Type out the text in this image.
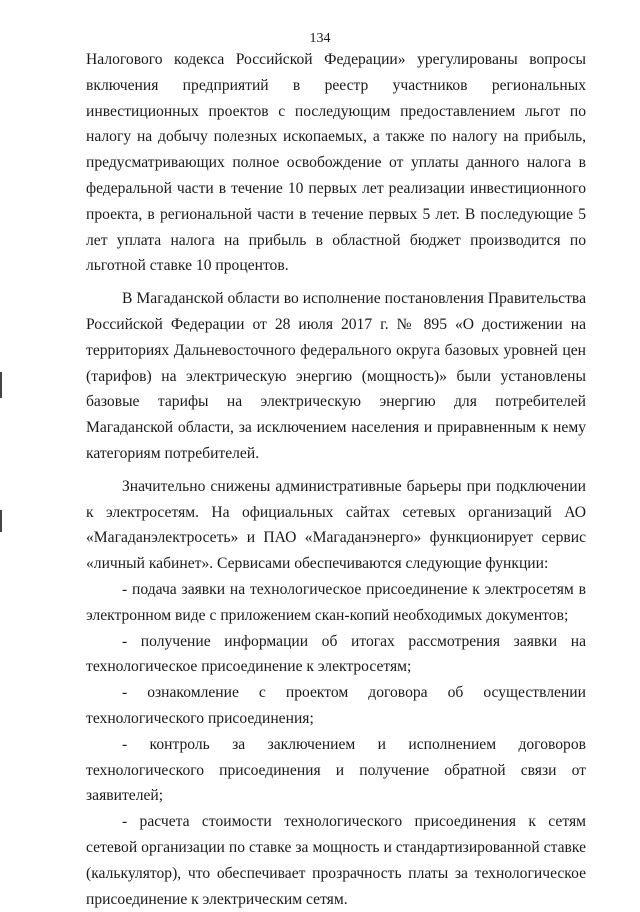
134

Налогового кодекса Российской Федерации» урегулированы вопросы включения предприятий в реестр участников региональных инвестиционных проектов с последующим предоставлением льгот по налогу на добычу полезных ископаемых, а также по налогу на прибыль, предусматривающих полное освобождение от уплаты данного налога в федеральной части в течение 10 первых лет реализации инвестиционного проекта, в региональной части в течение первых 5 лет. В последующие 5 лет уплата налога на прибыль в областной бюджет производится по льготной ставке 10 процентов.

В Магаданской области во исполнение постановления Правительства Российской Федерации от 28 июля 2017 г. № 895 «О достижении на территориях Дальневосточного федерального округа базовых уровней цен (тарифов) на электрическую энергию (мощность)» были установлены базовые тарифы на электрическую энергию для потребителей Магаданской области, за исключением населения и приравненным к нему категориям потребителей.

Значительно снижены административные барьеры при подключении к электросетям. На официальных сайтах сетевых организаций АО «Магаданэлектросеть» и ПАО «Магаданэнерго» функционирует сервис «личный кабинет». Сервисами обеспечиваются следующие функции:

- подача заявки на технологическое присоединение к электросетям в электронном виде с приложением скан-копий необходимых документов;

- получение информации об итогах рассмотрения заявки на технологическое присоединение к электросетям;

- ознакомление с проектом договора об осуществлении технологического присоединения;

- контроль за заключением и исполнением договоров технологического присоединения и получение обратной связи от заявителей;

- расчета стоимости технологического присоединения к сетям сетевой организации по ставке за мощность и стандартизированной ставке (калькулятор), что обеспечивает прозрачность платы за технологическое присоединение к электрическим сетям.
